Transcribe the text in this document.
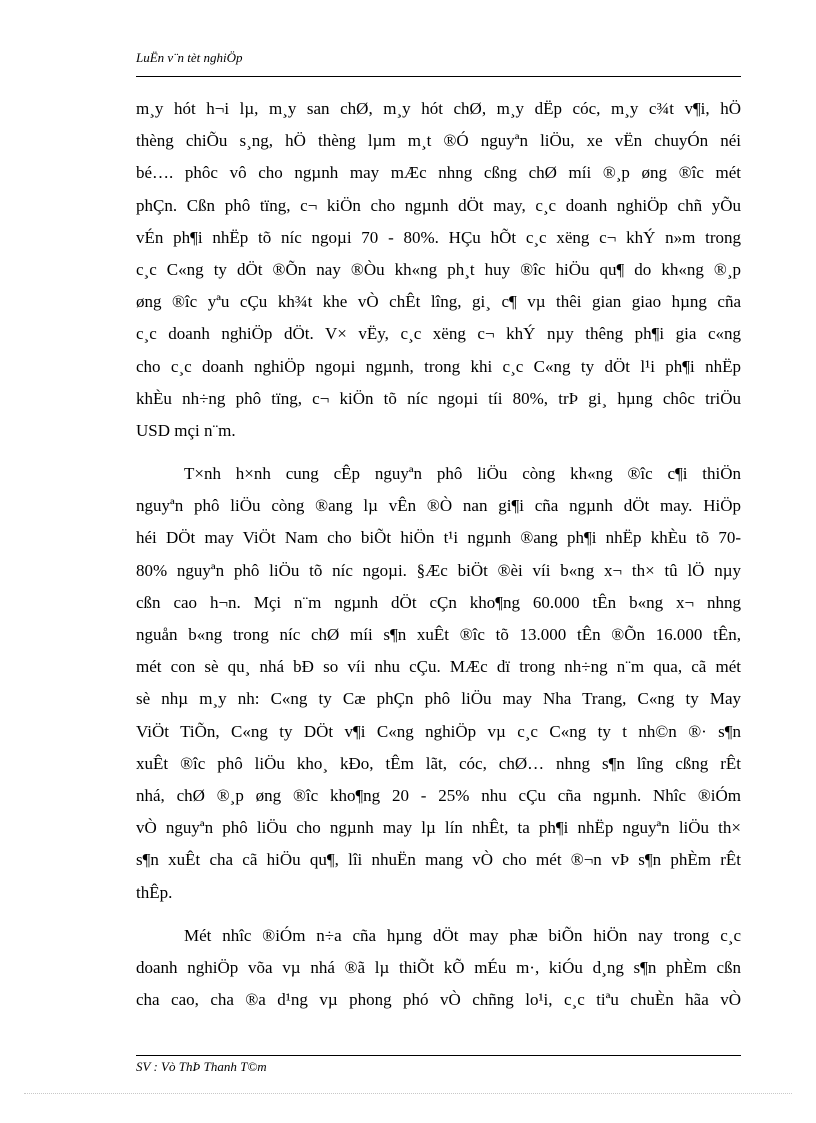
LuËn v¨n tèt nghiÖp
m¸y hót h¬i lµ, m¸y san chØ, m¸y hót chØ, m¸y dËp cóc, m¸y c¾t v¶i, hÖ
thèng chiÕu s¸ng, hÖ thèng lµm m¸t ®Ó nguyªn liÖu, xe vËn chuyÓn néi
bé…. phôc vô cho ngµnh may mÆc nhng cßng chØ míi ®¸p øng ®îc mét
phÇn. Cßn phô tïng, c¬ kiÖn cho ngµnh dÖt may, c¸c doanh nghiÖp chñ yÕu
vÉn ph¶i nhËp tõ níc ngoµi 70 - 80%. HÇu hÕt c¸c xëng c¬ khÝ n»m trong
c¸c C«ng ty dÖt ®Õn nay ®Òu kh«ng ph¸t huy ®îc hiÖu qu¶ do kh«ng ®¸p
øng ®îc yªu cÇu kh¾t khe vÒ chÊt lîng, gi¸ c¶ vµ thêi gian giao hµng cña
c¸c doanh nghiÖp dÖt. V× vËy, c¸c xëng c¬ khÝ nµy thêng ph¶i gia c«ng
cho c¸c doanh nghiÖp ngoµi ngµnh, trong khi c¸c C«ng ty dÖt l¹i ph¶i nhËp
khÈu nh÷ng phô tïng, c¬ kiÖn tõ níc ngoµi tíi 80%, trÞ gi¸ hµng chôc triÖu
USD mçi n¨m.
T×nh h×nh cung cÊp nguyªn phô liÖu còng kh«ng ®îc c¶i thiÖn
nguyªn phô liÖu còng ®ang lµ vÊn ®Ò nan gi¶i cña ngµnh dÖt may. HiÖp
héi DÖt may ViÖt Nam cho biÕt hiÖn t¹i ngµnh ®ang ph¶i nhËp khÈu tõ 70-
80% nguyªn phô liÖu tõ níc ngoµi. §Æc biÖt ®èi víi b«ng x¬ th× tû lÖ nµy
cßn cao h¬n. Mçi n¨m ngµnh dÖt cÇn kho¶ng 60.000 tÊn b«ng x¬ nhng
nguån b«ng trong níc chØ míi s¶n xuÊt ®îc tõ 13.000 tÊn ®Õn 16.000 tÊn,
mét con sè qu¸ nhá bÐ so víi nhu cÇu. MÆc dï trong nh÷ng n¨m qua, cã mét
sè nhµ m¸y nh: C«ng ty Cæ phÇn phô liÖu may Nha Trang, C«ng ty May
ViÖt TiÕn, C«ng ty DÖt v¶i C«ng nghiÖp vµ c¸c C«ng ty t nh©n ®· s¶n
xuÊt ®îc phô liÖu kho¸ kÐo, tÊm lãt, cóc, chØ… nhng s¶n lîng cßng rÊt
nhá, chØ ®¸p øng ®îc kho¶ng 20 - 25% nhu cÇu cña ngµnh. Nhîc ®iÓm
vÒ nguyªn phô liÖu cho ngµnh may lµ lín nhÊt, ta ph¶i nhËp nguyªn liÖu th×
s¶n xuÊt cha cã hiÖu qu¶, lîi nhuËn mang vÒ cho mét ®¬n vÞ s¶n phÈm rÊt
thÊp.
Mét nhîc ®iÓm n÷a cña hµng dÖt may phæ biÕn hiÖn nay trong c¸c
doanh nghiÖp võa vµ nhá ®ã lµ thiÕt kÕ mÉu m·, kiÓu d¸ng s¶n phÈm cßn
cha cao, cha ®a d¹ng vµ phong phó vÒ chñng lo¹i, c¸c tiªu chuÈn hãa vÒ
SV : Vò ThÞ Thanh T©m
